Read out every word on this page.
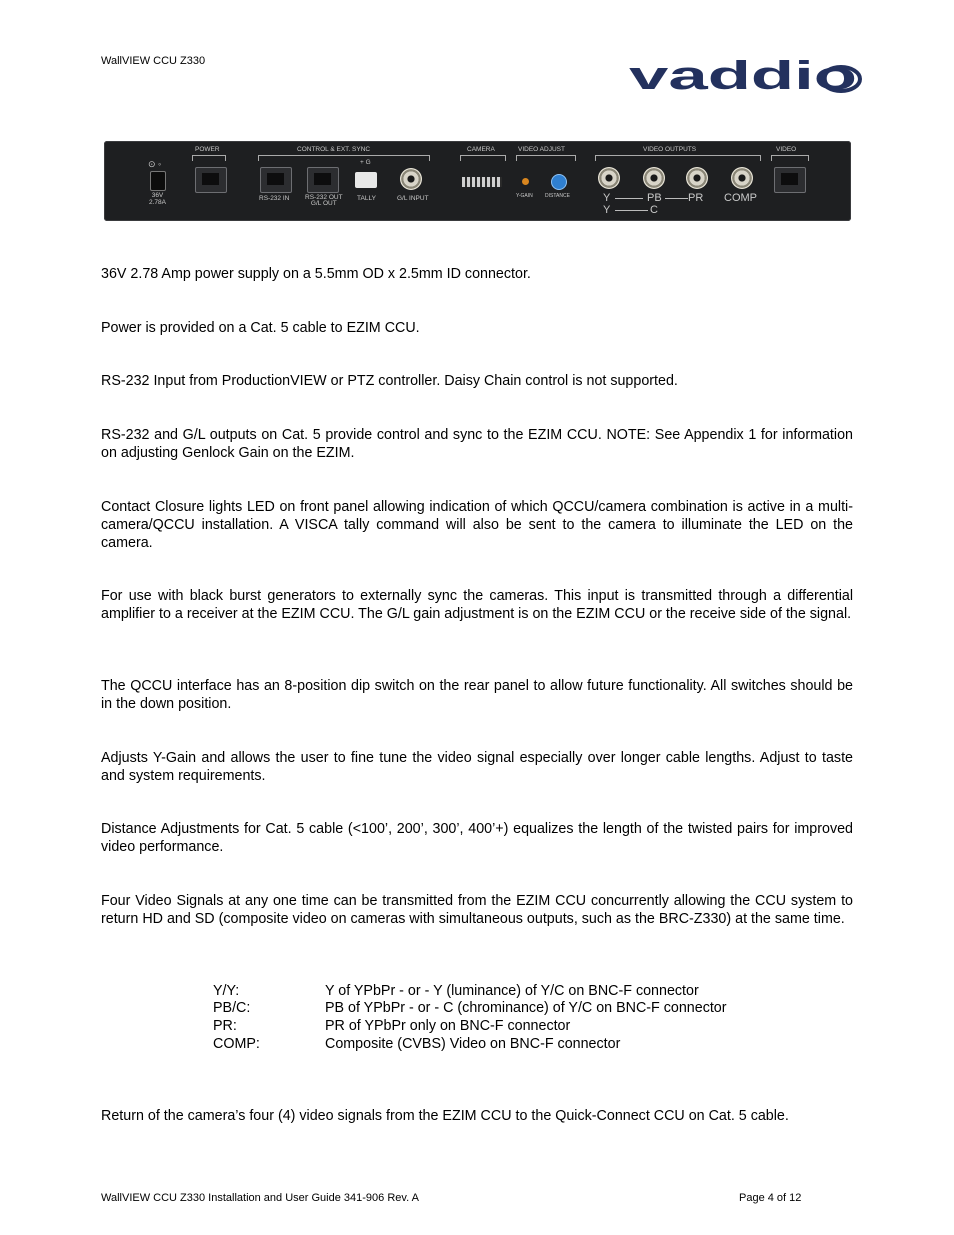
WallVIEW CCU Z330	vaddio
⊙ ◦
36V
2.78A
POWER	CONTROL & EXT. SYNC
RS-232 IN RS-232 OUT
G/L OUT
+ G
TALLY	G/L INPUT
CAMERA	VIDEO ADJUST
Y-GAIN DISTANCE
VIDEO OUTPUTS
Y	PB PR COMP
Y	C
VIDEO

36V 2.78 Amp power supply on a 5.5mm OD x 2.5mm ID connector.

Power is provided on a Cat. 5 cable to EZIM CCU.

RS-232 Input from ProductionVIEW or PTZ controller. Daisy Chain control is not supported.

RS-232 and G/L outputs on Cat. 5 provide control and sync to the EZIM CCU. NOTE: See Appendix 1 for information on adjusting Genlock Gain on the EZIM.

Contact Closure lights LED on front panel allowing indication of which QCCU/camera combination is active in a multi-camera/QCCU installation. A VISCA tally command will also be sent to the camera to illuminate the LED on the camera.

For use with black burst generators to externally sync the cameras. This input is transmitted through a differential amplifier to a receiver at the EZIM CCU. The G/L gain adjustment is on the EZIM CCU or the receive side of the signal.

The QCCU interface has an 8-position dip switch on the rear panel to allow future functionality. All switches should be in the down position.

Adjusts Y-Gain and allows the user to fine tune the video signal especially over longer cable lengths. Adjust to taste and system requirements.

Distance Adjustments for Cat. 5 cable (<100’, 200’, 300’, 400’+) equalizes the length of the twisted pairs for improved video performance.

Four Video Signals at any one time can be transmitted from the EZIM CCU concurrently allowing the CCU system to return HD and SD (composite video on cameras with simultaneous outputs, such as the BRC-Z330) at the same time.

Y/Y:	Y of YPbPr - or - Y (luminance) of Y/C on BNC-F connector
PB/C:	PB of YPbPr - or - C (chrominance) of Y/C on BNC-F connector
PR:	PR of YPbPr only on BNC-F connector
COMP:	Composite (CVBS) Video on BNC-F connector

Return of the camera’s four (4) video signals from the EZIM CCU to the Quick-Connect CCU on Cat. 5 cable.

WallVIEW CCU Z330 Installation and User Guide 341-906 Rev. A	Page 4 of 12
